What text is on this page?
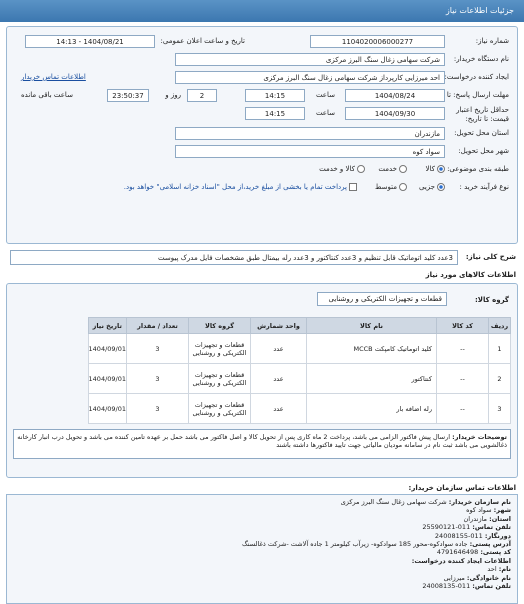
جزئیات اطلاعات نیاز
شماره نیاز:
1104020006000277
تاریخ و ساعت اعلان عمومی:
1404/08/21 - 14:13
نام دستگاه خریدار:
شرکت سهامی زغال سنگ البرز مرکزی
ایجاد کننده درخواست:
احد میرزایی کارپرداز شرکت سهامی زغال سنگ البرز مرکزی
اطلاعات تماس خریدار
مهلت ارسال پاسخ: تا
1404/08/24
ساعت
14:15
2
روز و
23:50:37
ساعت باقی مانده
حداقل تاریخ اعتبار
قیمت: تا تاریخ:
1404/09/30
ساعت
14:15
استان محل تحویل:
مازندران
شهر محل تحویل:
سواد کوه
طبقه بندی موضوعی:
کالا
خدمت
کالا و خدمت
نوع فرآیند خرید :
جزیی
متوسط
پرداخت تمام یا بخشی از مبلغ خرید،از محل "اسناد خزانه اسلامی" خواهد بود.
شرح کلی نیاز:
3عدد کلید اتوماتیک قابل تنظیم و 3عدد کنتاکتور و 3عدد رله بیمتال طبق مشخصات فایل مدرک پیوست
اطلاعات کالاهای مورد نیاز
گروه کالا:
قطعات و تجهیزات الکتریکی و روشنایی
ردیف	کد کالا	نام کالا	واحد شمارش	گروه کالا	تعداد / مقدار	تاریخ نیاز
1	--	کلید اتوماتیک کامپکت MCCB	عدد	قطعات و تجهیزات الکتریکی و روشنایی	3	1404/09/01
2	--	کنتاکتور	عدد	قطعات و تجهیزات الکتریکی و روشنایی	3	1404/09/01
3	--	رله اضافه بار	عدد	قطعات و تجهیزات الکتریکی و روشنایی	3	1404/09/01
توضیحات خریدار: ارسال پیش فاکتور الزامی می باشد، پرداخت 2 ماه کاری پس از تحویل کالا و اصل فاکتور می باشد حمل بر عهده تامین کننده می باشد و تحویل درب انبار کارخانه ذغالشویی می باشد ثبت نام در سامانه مودیان مالیاتی جهت تایید فاکتورها داشته باشند
اطلاعات تماس سازمان خریدار:
نام سازمان خریدار: شرکت سهامی زغال سنگ البرز مرکزی
شهر: سواد کوه
استان: مازندران
تلفن تماس: 011-25590121
دورنگار: 011-24008155
آدرس پستی: جاده سوادکوه-محور 185 سوادکوه- زیرآب کیلومتر 1 جاده آلاشت -شرکت ذغالسنگ
کد پستی: 4791646498
اطلاعات ایجاد کننده درخواست:
نام: احد
نام خانوادگی: میرزایی
تلفن تماس: 011-24008135
